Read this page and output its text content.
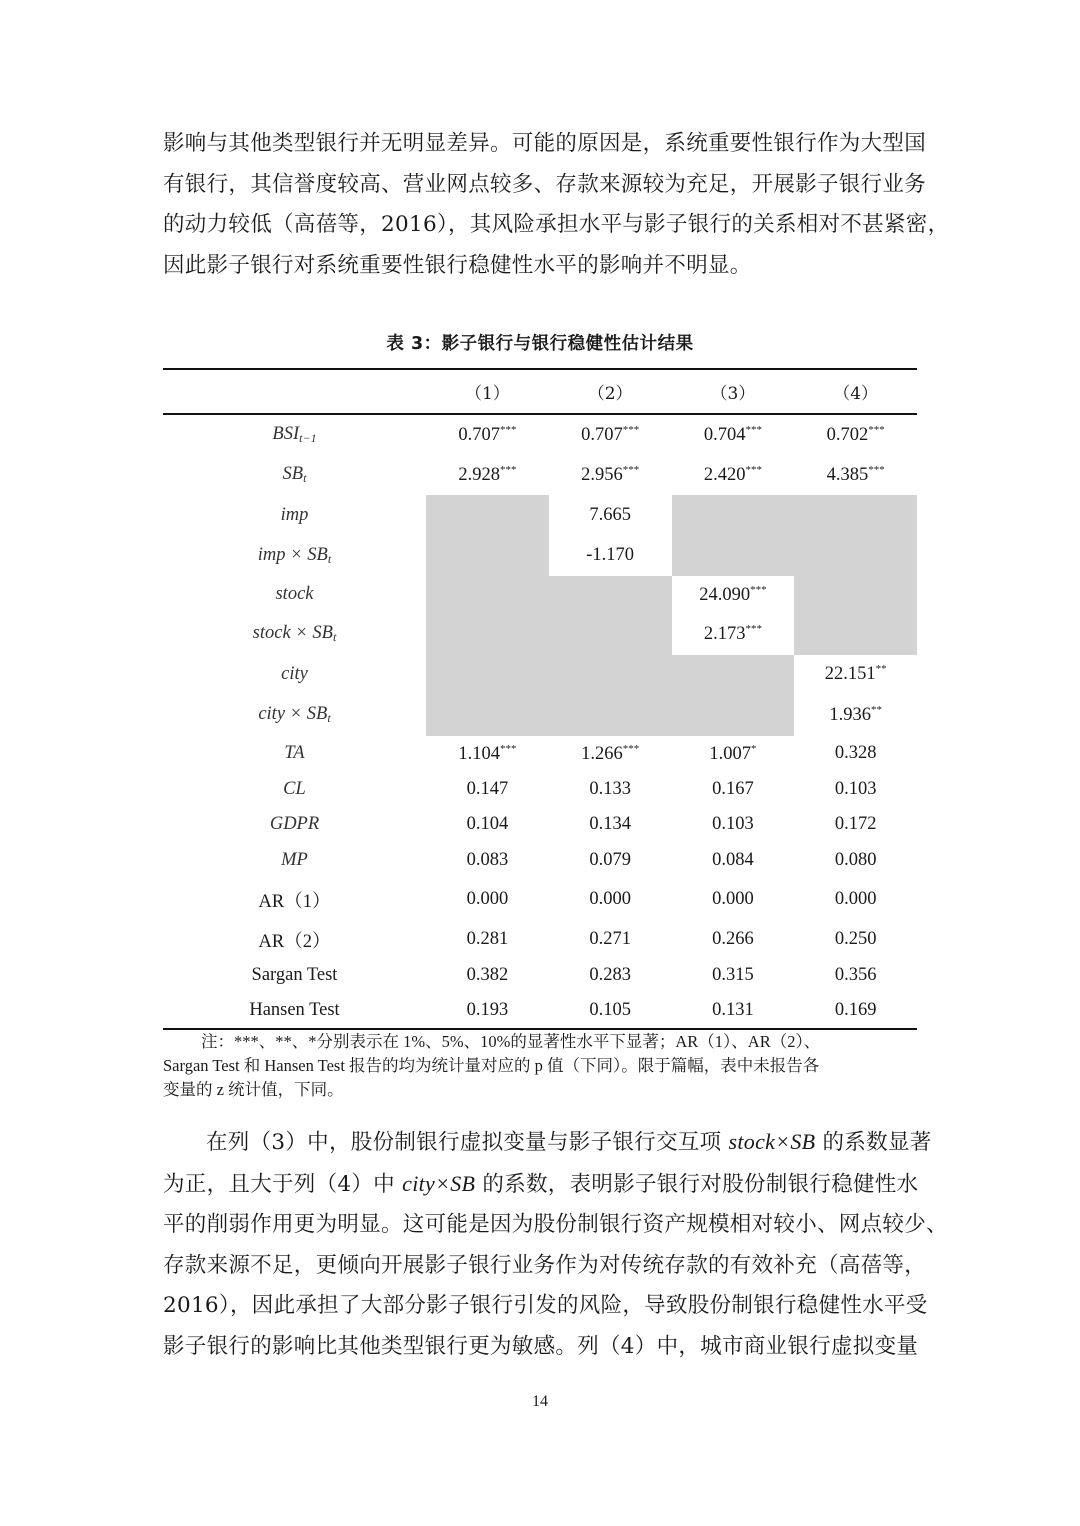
影响与其他类型银行并无明显差异。可能的原因是，系统重要性银行作为大型国
有银行，其信誉度较高、营业网点较多、存款来源较为充足，开展影子银行业务
的动力较低（高蓓等，2016），其风险承担水平与影子银行的关系相对不甚紧密，
因此影子银行对系统重要性银行稳健性水平的影响并不明显。
表 3：影子银行与银行稳健性估计结果
	（1）	（2）	（3）	（4）
$BSI_{t-1}$	0.707***	0.707***	0.704***	0.702***
$SB_t$	2.928***	2.956***	2.420***	4.385***
imp		7.665		
imp × $SB_t$		-1.170		
stock			24.090***	
stock × $SB_t$			2.173***	
city				22.151**
city × $SB_t$				1.936**
TA	1.104***	1.266***	1.007*	0.328
CL	0.147	0.133	0.167	0.103
GDPR	0.104	0.134	0.103	0.172
MP	0.083	0.079	0.084	0.080
AR（1）	0.000	0.000	0.000	0.000
AR（2）	0.281	0.271	0.266	0.250
Sargan Test	0.382	0.283	0.315	0.356
Hansen Test	0.193	0.105	0.131	0.169
注：***、**、*分别表示在 1%、5%、10%的显著性水平下显著；AR（1）、AR（2）、
Sargan Test 和 Hansen Test 报告的均为统计量对应的 p 值（下同）。限于篇幅，表中未报告各
变量的 z 统计值，下同。
在列（3）中，股份制银行虚拟变量与影子银行交互项 stock×SB 的系数显著
为正，且大于列（4）中 city×SB 的系数，表明影子银行对股份制银行稳健性水
平的削弱作用更为明显。这可能是因为股份制银行资产规模相对较小、网点较少、
存款来源不足，更倾向开展影子银行业务作为对传统存款的有效补充（高蓓等，
2016），因此承担了大部分影子银行引发的风险，导致股份制银行稳健性水平受
影子银行的影响比其他类型银行更为敏感。列（4）中，城市商业银行虚拟变量
14
